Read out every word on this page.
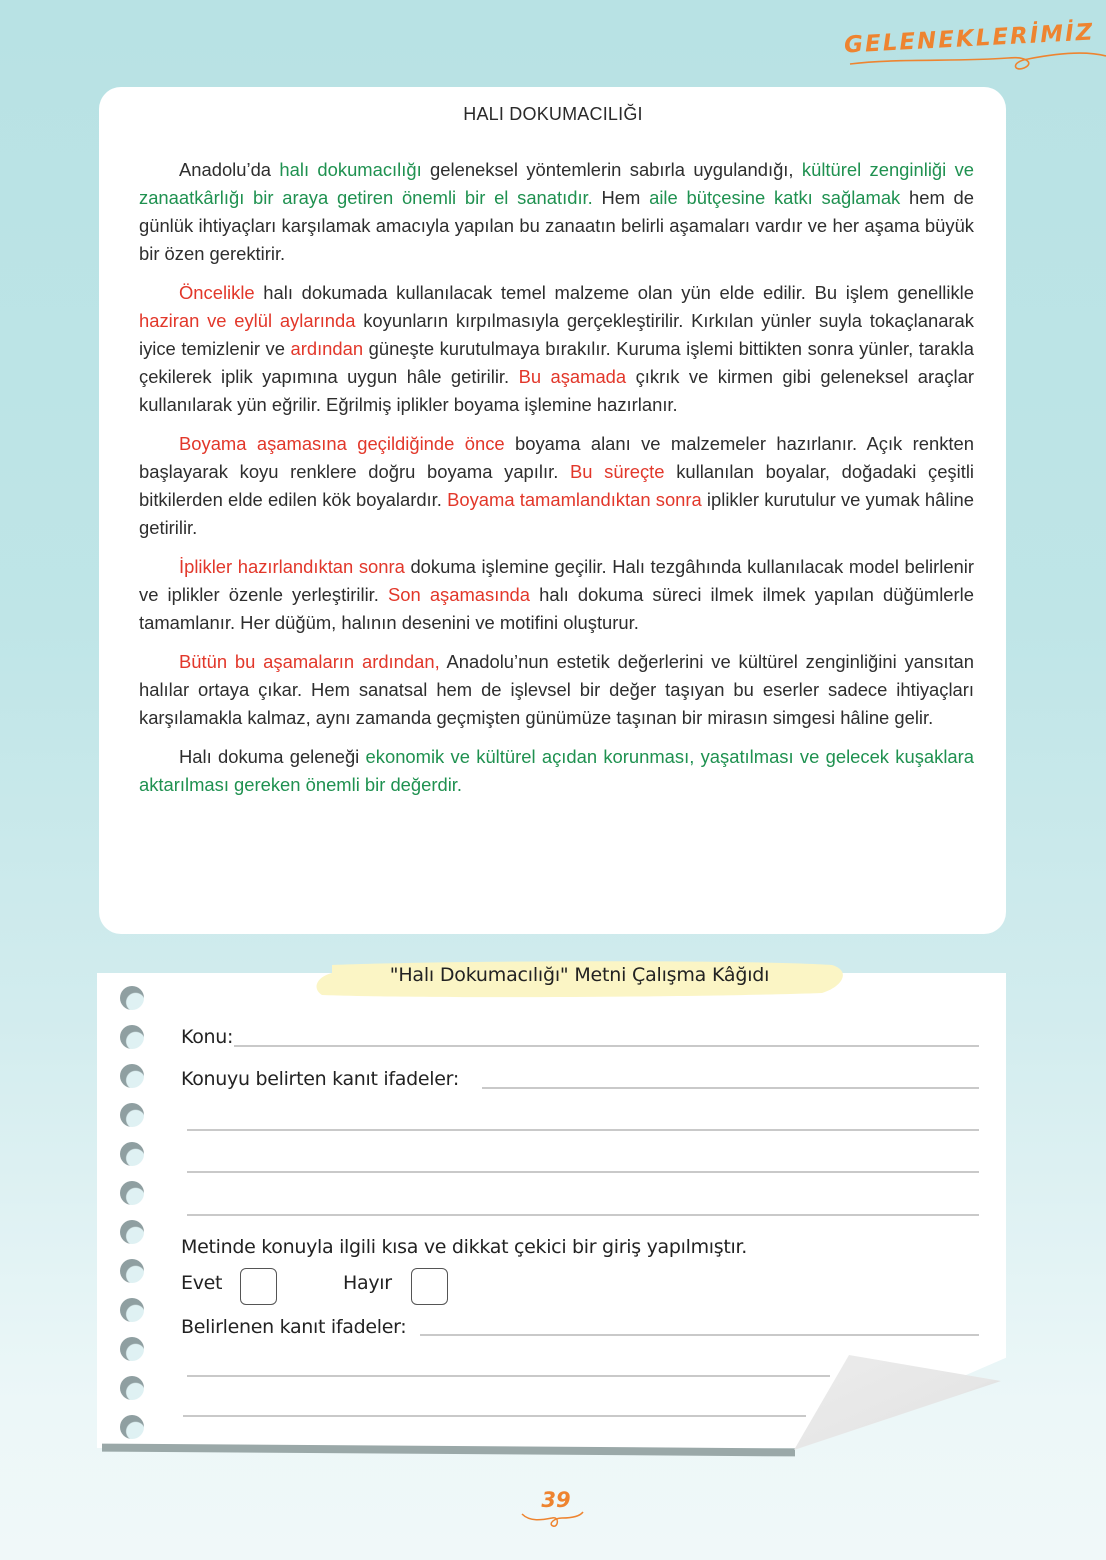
GELENEKLERİMİZ
HALI DOKUMACILIĞI

Anadolu’da halı dokumacılığı geleneksel yöntemlerin sabırla uygulandığı, kültürel zenginliği ve zanaatkârlığı bir araya getiren önemli bir el sanatıdır. Hem aile bütçesine katkı sağlamak hem de günlük ihtiyaçları karşılamak amacıyla yapılan bu zanaatın belirli aşamaları vardır ve her aşama büyük bir özen gerektirir.

Öncelikle halı dokumada kullanılacak temel malzeme olan yün elde edilir. Bu işlem genellikle haziran ve eylül aylarında koyunların kırpılmasıyla gerçekleştirilir. Kırkılan yünler suyla tokaçlanarak iyice temizlenir ve ardından güneşte kurutulmaya bırakılır. Kuruma işlemi bittikten sonra yünler, tarakla çekilerek iplik yapımına uygun hâle getirilir. Bu aşamada çıkrık ve kirmen gibi geleneksel araçlar kullanılarak yün eğrilir. Eğrilmiş iplikler boyama işlemine hazırlanır.

Boyama aşamasına geçildiğinde önce boyama alanı ve malzemeler hazırlanır. Açık renkten başlayarak koyu renklere doğru boyama yapılır. Bu süreçte kullanılan boyalar, doğadaki çeşitli bitkilerden elde edilen kök boyalardır. Boyama tamamlandıktan sonra iplikler kurutulur ve yumak hâline getirilir.

İplikler hazırlandıktan sonra dokuma işlemine geçilir. Halı tezgâhında kullanılacak model belirlenir ve iplikler özenle yerleştirilir. Son aşamasında halı dokuma süreci ilmek ilmek yapılan düğümlerle tamamlanır. Her düğüm, halının desenini ve motifini oluşturur.

Bütün bu aşamaların ardından, Anadolu’nun estetik değerlerini ve kültürel zenginliğini yansıtan halılar ortaya çıkar. Hem sanatsal hem de işlevsel bir değer taşıyan bu eserler sadece ihtiyaçları karşılamakla kalmaz, aynı zamanda geçmişten günümüze taşınan bir mirasın simgesi hâline gelir.

Halı dokuma geleneği ekonomik ve kültürel açıdan korunması, yaşatılması ve gelecek kuşaklara aktarılması gereken önemli bir değerdir.

"Halı Dokumacılığı" Metni Çalışma Kâğıdı
Konu:
Konuyu belirten kanıt ifadeler:
Metinde konuyla ilgili kısa ve dikkat çekici bir giriş yapılmıştır.
Evet	Hayır
Belirlenen kanıt ifadeler:
39
